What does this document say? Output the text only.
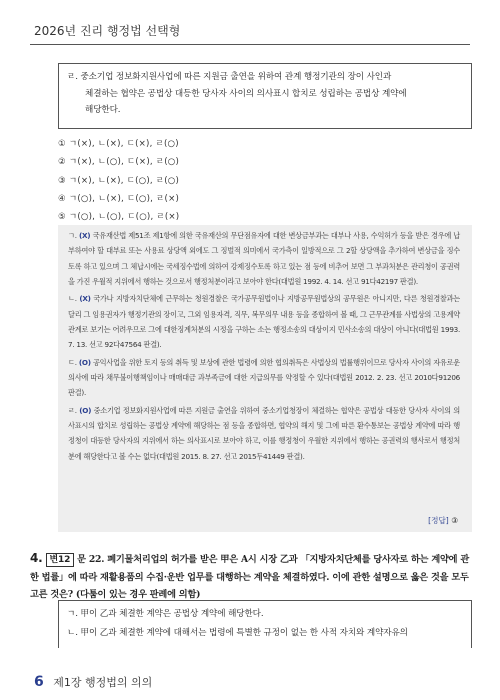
2026년 진리 행정법 선택형

ㄹ. 중소기업 정보화지원사업에 따른 지원금 출연을 위하여 관계 행정기관의 장이 사인과

체결하는 협약은 공법상 대등한 당사자 사이의 의사표시 합치로 성립하는 공법상 계약에

해당한다.

① ㄱ(×), ㄴ(×), ㄷ(×), ㄹ(○)
② ㄱ(×), ㄴ(○), ㄷ(×), ㄹ(○)
③ ㄱ(×), ㄴ(×), ㄷ(○), ㄹ(○)
④ ㄱ(○), ㄴ(×), ㄷ(○), ㄹ(×)
⑤ ㄱ(○), ㄴ(○), ㄷ(○), ㄹ(×)

ㄱ. (X) 국유재산법 제51조 제1항에 의한 국유재산의 무단점유자에 대한 변상금부과는 대부나 사용, 수익허가 등을 받은 경우에 납부하여야 할 대부료 또는 사용료 상당액 외에도 그 징벌적 의미에서 국가측이 일방적으로 그 2할 상당액을 추가하여 변상금을 징수토록 하고 있으며 그 체납시에는 국세징수법에 의하여 강제징수토록 하고 있는 점 등에 비추어 보면 그 부과처분은 관리청이 공권력을 가진 우월적 지위에서 행하는 것으로서 행정처분이라고 보아야 한다(대법원 1992. 4. 14. 선고 91다42197 판결).

ㄴ. (X) 국가나 지방자치단체에 근무하는 청원경찰은 국가공무원법이나 지방공무원법상의 공무원은 아니지만, 다른 청원경찰과는 달리 그 임용권자가 행정기관의 장이고, 그외 임용자격, 직무, 복무의무 내용 등을 종합하여 볼 때, 그 근무관계를 사법상의 고용계약관계로 보기는 어려우므로 그에 대한징계처분의 시정을 구하는 소는 행정소송의 대상이지 민사소송의 대상이 아니다(대법원 1993. 7. 13. 선고 92다47564 판결).

ㄷ. (O) 공익사업을 위한 토지 등의 취득 및 보상에 관한 법령에 의한 협의취득은 사법상의 법률행위이므로 당사자 사이의 자유로운 의사에 따라 채무불이행책임이나 매매대금 과부족금에 대한 지급의무를 약정할 수 있다(대법원 2012. 2. 23. 선고 2010다91206 판결).

ㄹ. (O) 중소기업 정보화지원사업에 따른 지원금 출연을 위하여 중소기업청장이 체결하는 협약은 공법상 대등한 당사자 사이의 의사표시의 합치로 성립하는 공법상 계약에 해당하는 점 등을 종합하면, 협약의 해지 및 그에 따른 환수통보는 공법상 계약에 따라 행정청이 대등한 당사자의 지위에서 하는 의사표시로 보아야 하고, 이를 행정청이 우월한 지위에서 행하는 공권력의 행사로서 행정처분에 해당한다고 볼 수는 없다(대법원 2015. 8. 27. 선고 2015두41449 판결).

[정답] ③

4. 변12 문 22. 폐기물처리업의 허가를 받은 甲은 A시 시장 乙과 「지방자치단체를 당사자로 하는 계약에 관한 법률」에 따라 재활용품의 수집·운반 업무를 대행하는 계약을 체결하였다. 이에 관한 설명으로 옳은 것을 모두 고른 것은? (다툼이 있는 경우 판례에 의함)

ㄱ. 甲이 乙과 체결한 계약은 공법상 계약에 해당한다.

ㄴ. 甲이 乙과 체결한 계약에 대해서는 법령에 특별한 규정이 없는 한 사적 자치와 계약자유의

6 제1장 행정법의 의의
